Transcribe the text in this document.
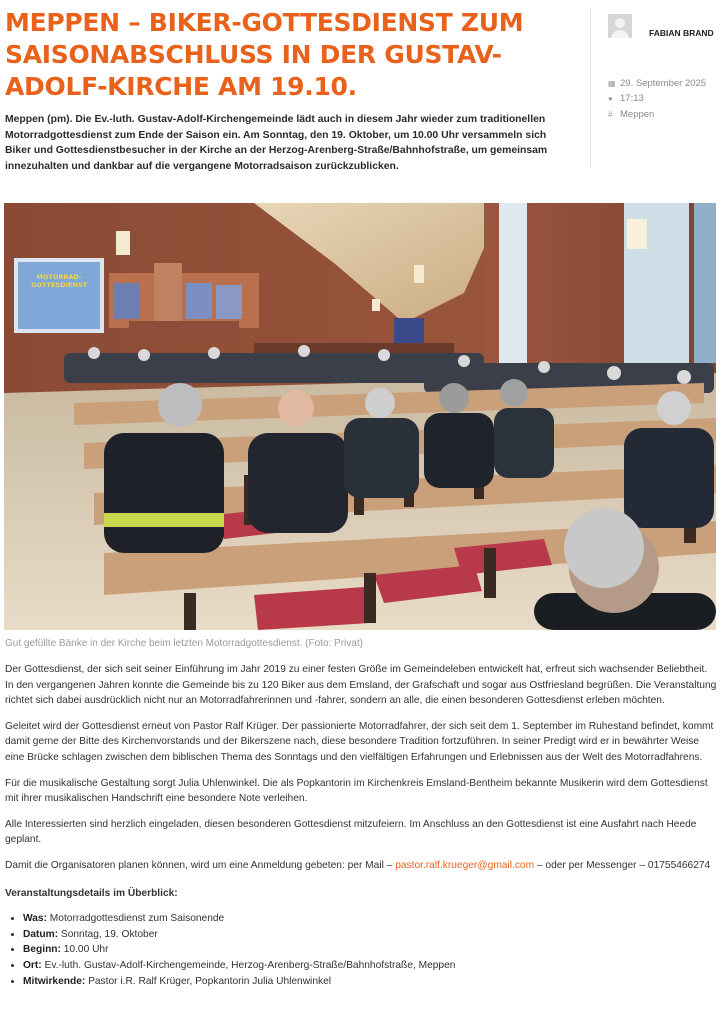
MEPPEN – BIKER-GOTTESDIENST ZUM SAISONABSCHLUSS IN DER GUSTAV-ADOLF-KIRCHE AM 19.10.

Meppen (pm). Die Ev.-luth. Gustav-Adolf-Kirchengemeinde lädt auch in diesem Jahr wieder zum traditionellen Motorradgottesdienst zum Ende der Saison ein. Am Sonntag, den 19. Oktober, um 10.00 Uhr versammeln sich Biker und Gottesdienstbesucher in der Kirche an der Herzog-Arenberg-Straße/Bahnhofstraße, um gemeinsam innezuhalten und dankbar auf die vergangene Motorradsaison zurückzublicken.

FABIAN BRAND
▦ 29. September 2025
● 17:13
# Meppen
MOTORRAD-
GOTTESDIENST
Gut gefüllte Bänke in der Kirche beim letzten Motorradgottesdienst. (Foto: Privat)

Der Gottesdienst, der sich seit seiner Einführung im Jahr 2019 zu einer festen Größe im Gemeindeleben entwickelt hat, erfreut sich wachsender Beliebtheit. In den vergangenen Jahren konnte die Gemeinde bis zu 120 Biker aus dem Emsland, der Grafschaft und sogar aus Ostfriesland begrüßen. Die Veranstaltung richtet sich dabei ausdrücklich nicht nur an Motorradfahrerinnen und -fahrer, sondern an alle, die einen besonderen Gottesdienst erleben möchten.

Geleitet wird der Gottesdienst erneut von Pastor Ralf Krüger. Der passionierte Motorradfahrer, der sich seit dem 1. September im Ruhestand befindet, kommt damit gerne der Bitte des Kirchenvorstands und der Bikerszene nach, diese besondere Tradition fortzuführen. In seiner Predigt wird er in bewährter Weise eine Brücke schlagen zwischen dem biblischen Thema des Sonntags und den vielfältigen Erfahrungen und Erlebnissen aus der Welt des Motorradfahrens.

Für die musikalische Gestaltung sorgt Julia Uhlenwinkel. Die als Popkantorin im Kirchenkreis Emsland-Bentheim bekannte Musikerin wird dem Gottesdienst mit ihrer musikalischen Handschrift eine besondere Note verleihen.

Alle Interessierten sind herzlich eingeladen, diesen besonderen Gottesdienst mitzufeiern. Im Anschluss an den Gottesdienst ist eine Ausfahrt nach Heede geplant.

Damit die Organisatoren planen können, wird um eine Anmeldung gebeten: per Mail – pastor.ralf.krueger@gmail.com – oder per Messenger – 01755466274

Veranstaltungsdetails im Überblick:
• Was: Motorradgottesdienst zum Saisonende
• Datum: Sonntag, 19. Oktober
• Beginn: 10.00 Uhr
• Ort: Ev.-luth. Gustav-Adolf-Kirchengemeinde, Herzog-Arenberg-Straße/Bahnhofstraße, Meppen
• Mitwirkende: Pastor i.R. Ralf Krüger, Popkantorin Julia Uhlenwinkel
